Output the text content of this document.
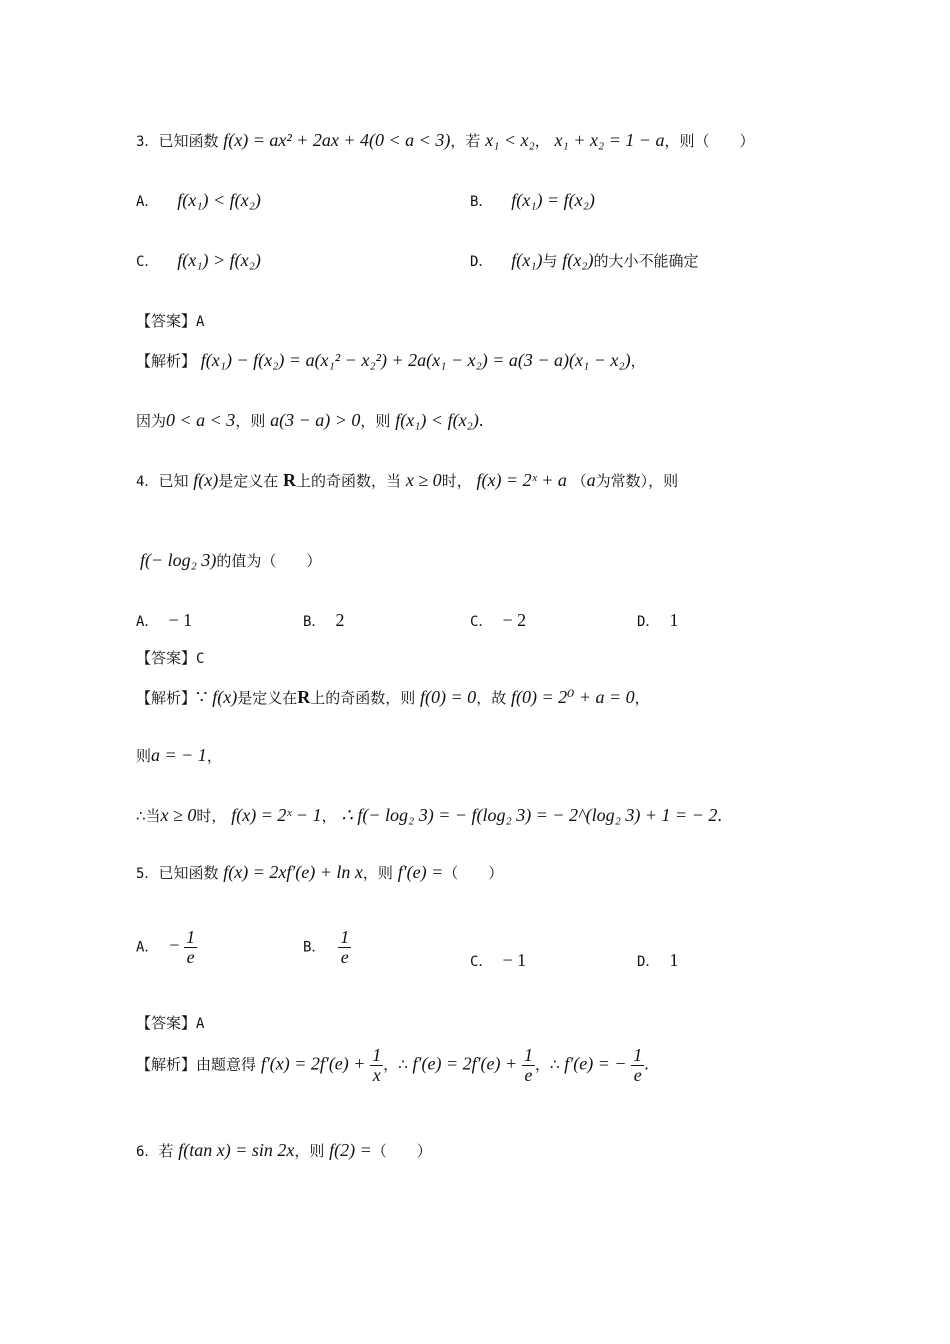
3．已知函数 f(x) = ax² + 2ax + 4(0 < a < 3)，若 x₁ < x₂， x₁ + x₂ = 1 − a，则（　　）
A． f(x₁) < f(x₂)	B． f(x₁) = f(x₂)
C． f(x₁) > f(x₂)	D． f(x₁)与 f(x₂)的大小不能确定
【答案】A
【解析】 f(x₁) − f(x₂) = a(x₁² − x₂²) + 2a(x₁ − x₂) = a(3 − a)(x₁ − x₂)，
因为0 < a < 3，则 a(3 − a) > 0，则 f(x₁) < f(x₂).
4．已知 f(x)是定义在 R上的奇函数，当 x ≥ 0时， f(x) = 2ˣ + a （a为常数），则
f(− log₂ 3)的值为（　　）
A． − 1	B． 2	C． − 2	D． 1
【答案】C
【解析】∵ f(x)是定义在R上的奇函数，则 f(0) = 0，故 f(0) = 2⁰ + a = 0，
则a = − 1，
∴当x ≥ 0时， f(x) = 2ˣ − 1， ∴ f(− log₂ 3) = − f(log₂ 3) = − 2^(log₂ 3) + 1 = − 2.
5．已知函数 f(x) = 2xf′(e) + ln x，则 f′(e) =（　　）
A． − $\frac{1}{e}$	B． $\frac{1}{e}$	C． − 1	D． 1
【答案】A
【解析】由题意得 $f'(x) = 2f'(e) + \frac{1}{x}$ ，∴ $f'(e) = 2f'(e) + \frac{1}{e}$ ，∴ f′(e) = − $\frac{1}{e}$ .
6．若 f(tan x) = sin 2x，则 f(2) =（　　）
